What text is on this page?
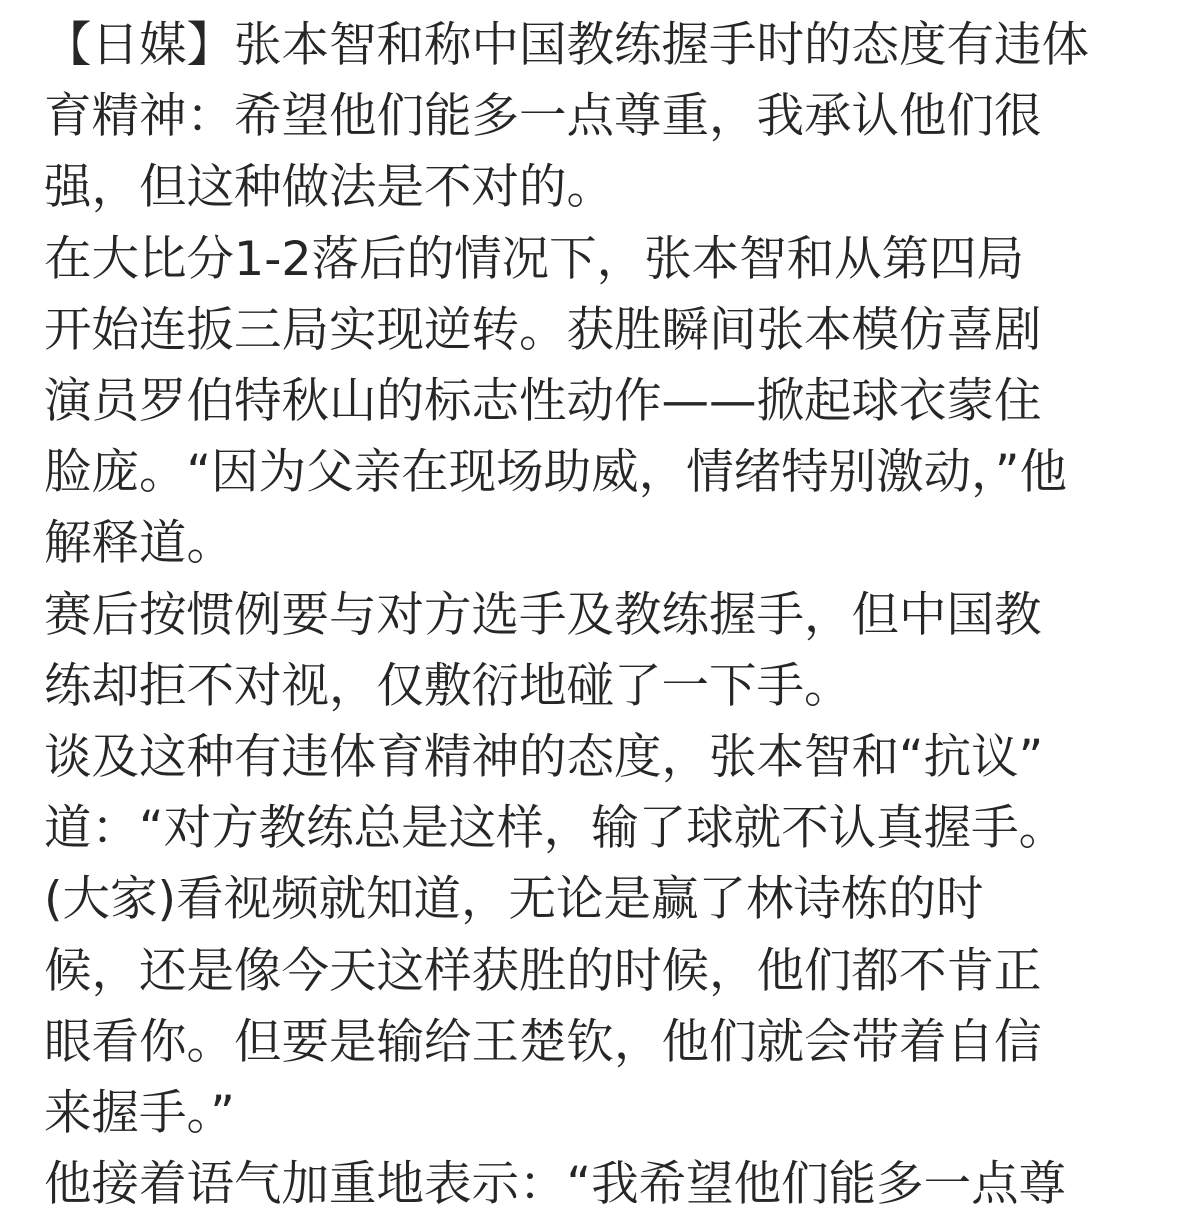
【日媒】张本智和称中国教练握手时的态度有违体
育精神：希望他们能多一点尊重，我承认他们很
强，但这种做法是不对的。
在大比分1-2落后的情况下，张本智和从第四局
开始连扳三局实现逆转。获胜瞬间张本模仿喜剧
演员罗伯特秋山的标志性动作——掀起球衣蒙住
脸庞。“因为父亲在现场助威，情绪特别激动，”他
解释道。
赛后按惯例要与对方选手及教练握手，但中国教
练却拒不对视，仅敷衍地碰了一下手。
谈及这种有违体育精神的态度，张本智和“抗议”
道：“对方教练总是这样，输了球就不认真握手。
(大家)看视频就知道，无论是赢了林诗栋的时
候，还是像今天这样获胜的时候，他们都不肯正
眼看你。但要是输给王楚钦，他们就会带着自信
来握手。”
他接着语气加重地表示：“我希望他们能多一点尊
